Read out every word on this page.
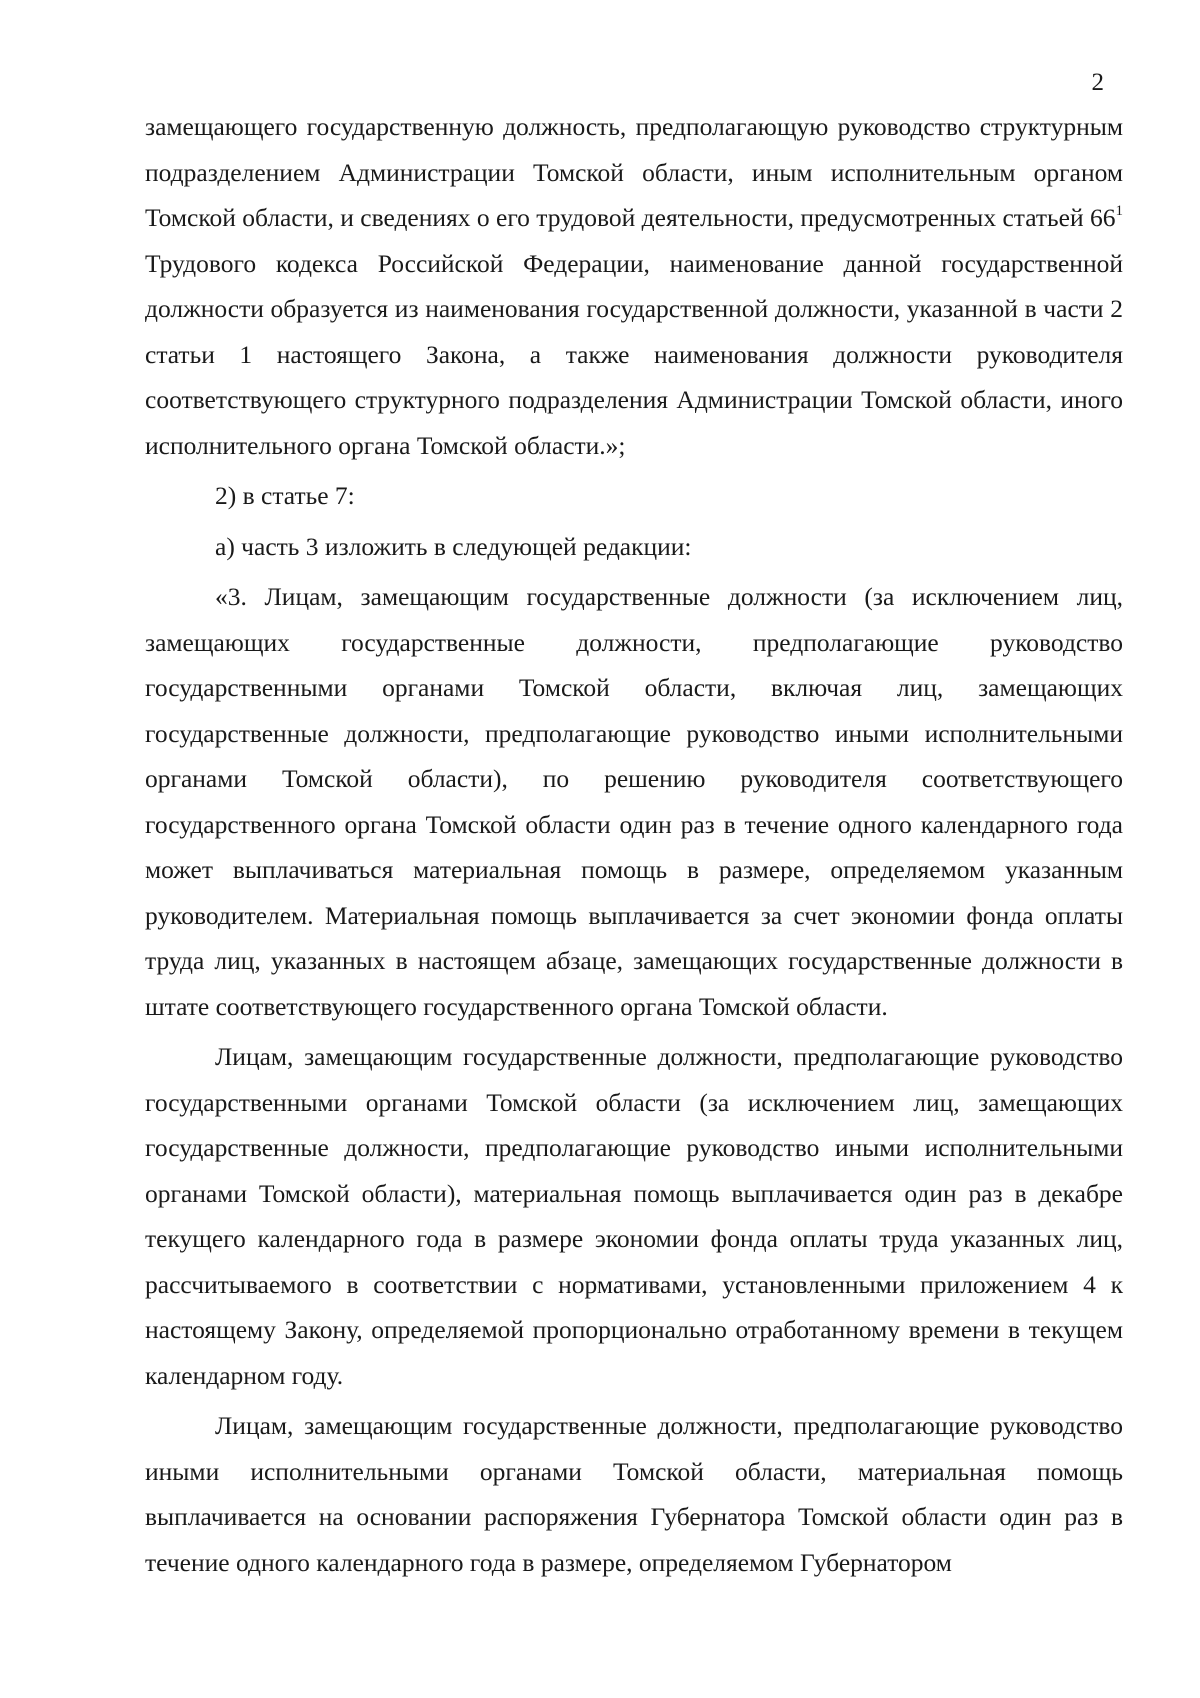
2

замещающего государственную должность, предполагающую руководство структурным подразделением Администрации Томской области, иным исполнительным органом Томской области, и сведениях о его трудовой деятельности, предусмотренных статьей $66^1$ Трудового кодекса Российской Федерации, наименование данной государственной должности образуется из наименования государственной должности, указанной в части 2 статьи 1 настоящего Закона, а также наименования должности руководителя соответствующего структурного подразделения Администрации Томской области, иного исполнительного органа Томской области.»;

2) в статье 7:

а) часть 3 изложить в следующей редакции:

«3. Лицам, замещающим государственные должности (за исключением лиц, замещающих государственные должности, предполагающие руководство государственными органами Томской области, включая лиц, замещающих государственные должности, предполагающие руководство иными исполнительными органами Томской области), по решению руководителя соответствующего государственного органа Томской области один раз в течение одного календарного года может выплачиваться материальная помощь в размере, определяемом указанным руководителем. Материальная помощь выплачивается за счет экономии фонда оплаты труда лиц, указанных в настоящем абзаце, замещающих государственные должности в штате соответствующего государственного органа Томской области.

Лицам, замещающим государственные должности, предполагающие руководство государственными органами Томской области (за исключением лиц, замещающих государственные должности, предполагающие руководство иными исполнительными органами Томской области), материальная помощь выплачивается один раз в декабре текущего календарного года в размере экономии фонда оплаты труда указанных лиц, рассчитываемого в соответствии с нормативами, установленными приложением 4 к настоящему Закону, определяемой пропорционально отработанному времени в текущем календарном году.

Лицам, замещающим государственные должности, предполагающие руководство иными исполнительными органами Томской области, материальная помощь выплачивается на основании распоряжения Губернатора Томской области один раз в течение одного календарного года в размере, определяемом Губернатором
